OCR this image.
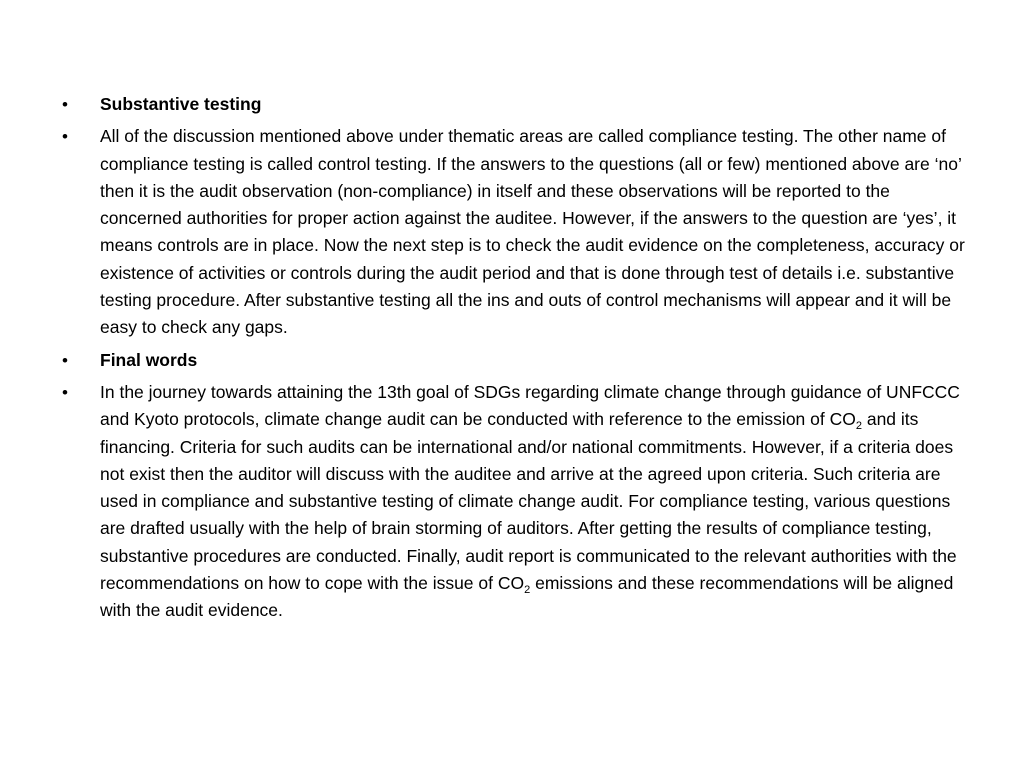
• Substantive testing
• All of the discussion mentioned above under thematic areas are called compliance testing. The other name of compliance testing is called control testing. If the answers to the questions (all or few) mentioned above are ‘no’ then it is the audit observation (non-compliance) in itself and these observations will be reported to the concerned authorities for proper action against the auditee. However, if the answers to the question are ‘yes’, it means controls are in place. Now the next step is to check the audit evidence on the completeness, accuracy or existence of activities or controls during the audit period and that is done through test of details i.e. substantive testing procedure. After substantive testing all the ins and outs of control mechanisms will appear and it will be easy to check any gaps.
• Final words
• In the journey towards attaining the 13th goal of SDGs regarding climate change through guidance of UNFCCC and Kyoto protocols, climate change audit can be conducted with reference to the emission of $CO_2$ and its financing. Criteria for such audits can be international and/or national commitments. However, if a criteria does not exist then the auditor will discuss with the auditee and arrive at the agreed upon criteria. Such criteria are used in compliance and substantive testing of climate change audit. For compliance testing, various questions are drafted usually with the help of brain storming of auditors. After getting the results of compliance testing, substantive procedures are conducted. Finally, audit report is communicated to the relevant authorities with the recommendations on how to cope with the issue of $CO_2$ emissions and these recommendations will be aligned with the audit evidence.
